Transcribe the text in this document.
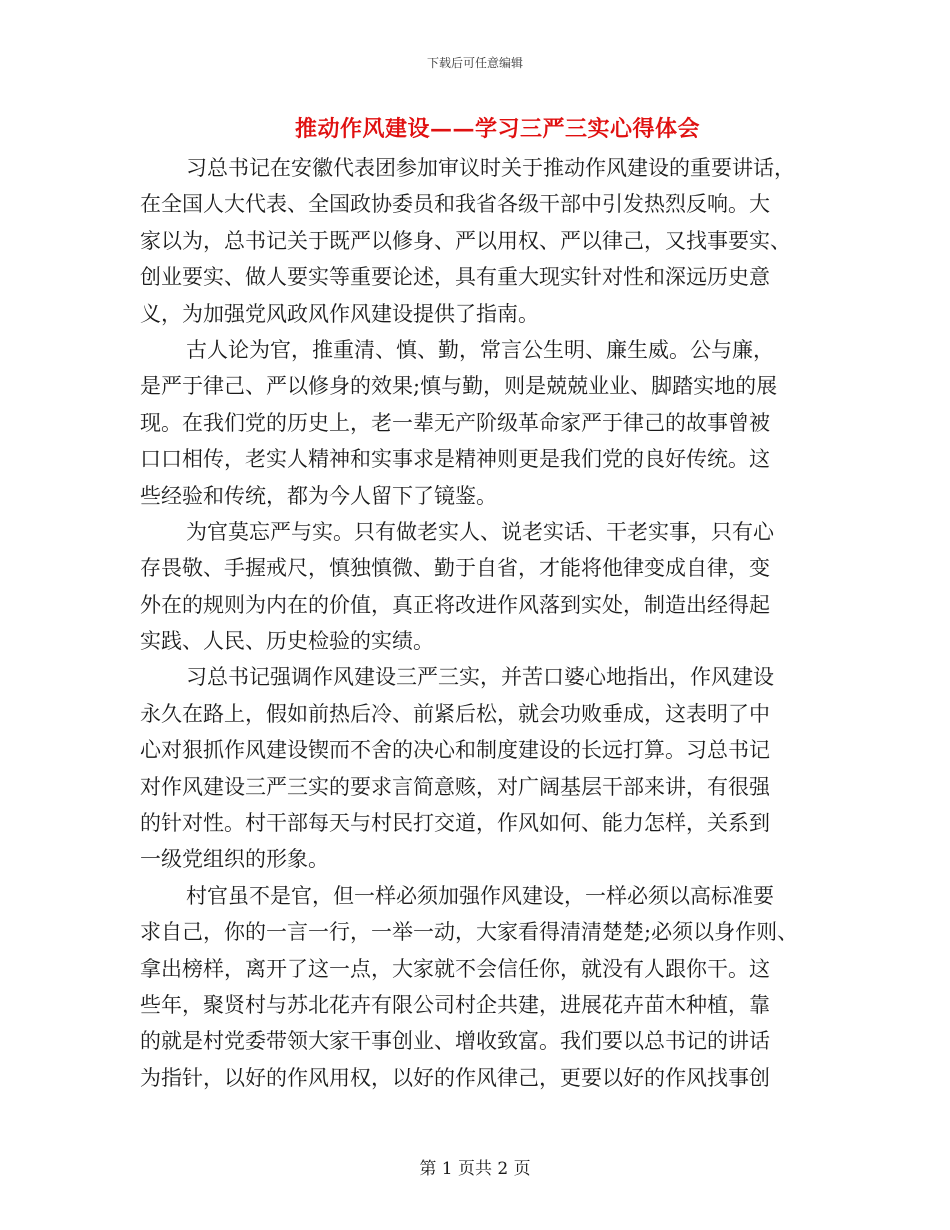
下载后可任意编辑
推动作风建设——学习三严三实心得体会
习总书记在安徽代表团参加审议时关于推动作风建设的重要讲话，
在全国人大代表、全国政协委员和我省各级干部中引发热烈反响。大
家以为，总书记关于既严以修身、严以用权、严以律己，又找事要实、
创业要实、做人要实等重要论述，具有重大现实针对性和深远历史意
义，为加强党风政风作风建设提供了指南。
古人论为官，推重清、慎、勤，常言公生明、廉生威。公与廉，
是严于律己、严以修身的效果;慎与勤，则是兢兢业业、脚踏实地的展
现。在我们党的历史上，老一辈无产阶级革命家严于律己的故事曾被
口口相传，老实人精神和实事求是精神则更是我们党的良好传统。这
些经验和传统，都为今人留下了镜鉴。
为官莫忘严与实。只有做老实人、说老实话、干老实事，只有心
存畏敬、手握戒尺，慎独慎微、勤于自省，才能将他律变成自律，变
外在的规则为内在的价值，真正将改进作风落到实处，制造出经得起
实践、人民、历史检验的实绩。
习总书记强调作风建设三严三实，并苦口婆心地指出，作风建设
永久在路上，假如前热后冷、前紧后松，就会功败垂成，这表明了中
心对狠抓作风建设锲而不舍的决心和制度建设的长远打算。习总书记
对作风建设三严三实的要求言简意赅，对广阔基层干部来讲，有很强
的针对性。村干部每天与村民打交道，作风如何、能力怎样，关系到
一级党组织的形象。
村官虽不是官，但一样必须加强作风建设，一样必须以高标准要
求自己，你的一言一行，一举一动，大家看得清清楚楚;必须以身作则、
拿出榜样，离开了这一点，大家就不会信任你，就没有人跟你干。这
些年，聚贤村与苏北花卉有限公司村企共建，进展花卉苗木种植，靠
的就是村党委带领大家干事创业、增收致富。我们要以总书记的讲话
为指针，以好的作风用权，以好的作风律己，更要以好的作风找事创
第 1 页共 2 页
